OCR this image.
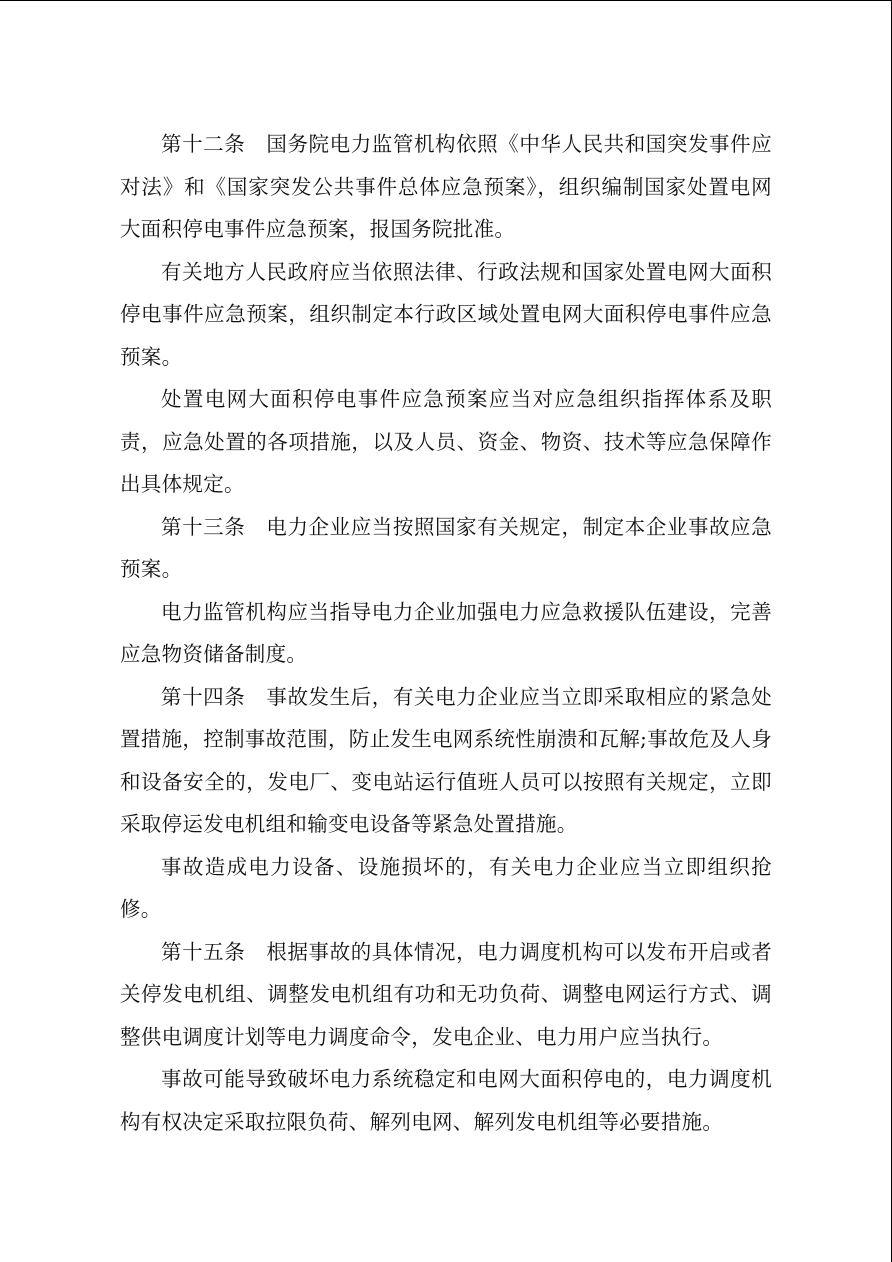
第十二条　国务院电力监管机构依照《中华人民共和国突发事件应对法》和《国家突发公共事件总体应急预案》，组织编制国家处置电网大面积停电事件应急预案，报国务院批准。

有关地方人民政府应当依照法律、行政法规和国家处置电网大面积停电事件应急预案，组织制定本行政区域处置电网大面积停电事件应急预案。

处置电网大面积停电事件应急预案应当对应急组织指挥体系及职责，应急处置的各项措施，以及人员、资金、物资、技术等应急保障作出具体规定。

第十三条　电力企业应当按照国家有关规定，制定本企业事故应急预案。

电力监管机构应当指导电力企业加强电力应急救援队伍建设，完善应急物资储备制度。

第十四条　事故发生后，有关电力企业应当立即采取相应的紧急处置措施，控制事故范围，防止发生电网系统性崩溃和瓦解;事故危及人身和设备安全的，发电厂、变电站运行值班人员可以按照有关规定，立即采取停运发电机组和输变电设备等紧急处置措施。

事故造成电力设备、设施损坏的，有关电力企业应当立即组织抢修。

第十五条　根据事故的具体情况，电力调度机构可以发布开启或者关停发电机组、调整发电机组有功和无功负荷、调整电网运行方式、调整供电调度计划等电力调度命令，发电企业、电力用户应当执行。

事故可能导致破坏电力系统稳定和电网大面积停电的，电力调度机构有权决定采取拉限负荷、解列电网、解列发电机组等必要措施。
